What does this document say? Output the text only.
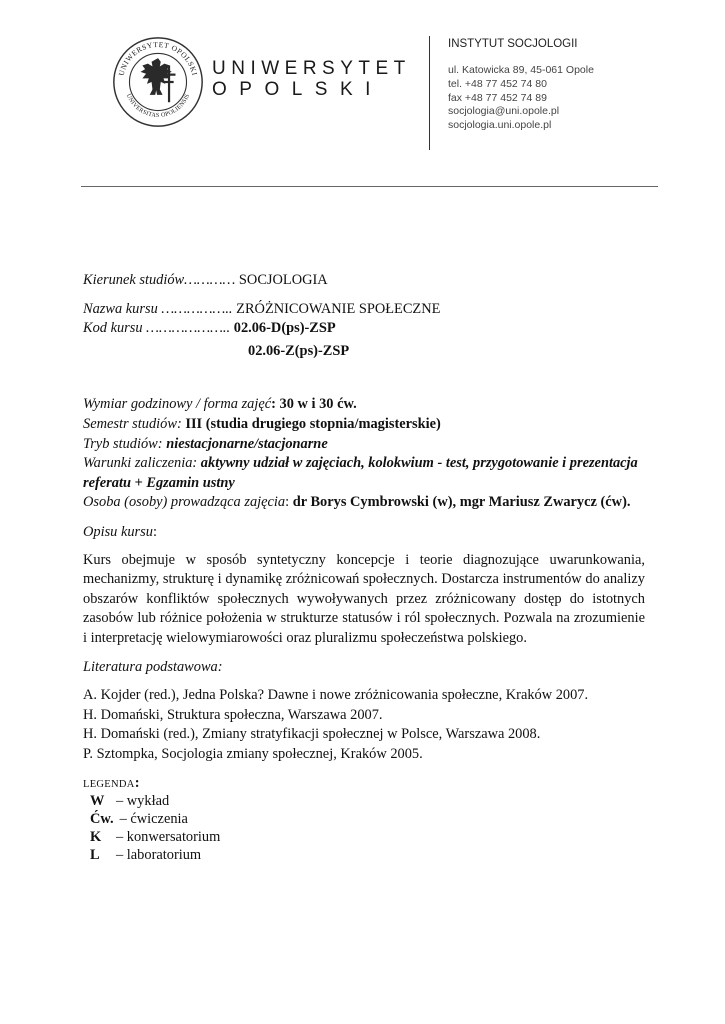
UNIWERSYTET OPOLSKI
UNIVERSITAS OPOLIENSIS
UNIWERSYTET
OPOLSKI
INSTYTUT SOCJOLOGII
ul. Katowicka 89, 45-061 Opole
tel. +48 77 452 74 80
fax +48 77 452 74 89
socjologia@uni.opole.pl
socjologia.uni.opole.pl
Kierunek studiów………… SOCJOLOGIA
Nazwa kursu …………….. ZRÓŻNICOWANIE SPOŁECZNE
Kod kursu ……………….. 02.06-D(ps)-ZSP
02.06-Z(ps)-ZSP
Wymiar godzinowy / forma zajęć: 30 w i 30 ćw.
Semestr studiów: III (studia drugiego stopnia/magisterskie)
Tryb studiów: niestacjonarne/stacjonarne
Warunki zaliczenia: aktywny udział w zajęciach, kolokwium - test, przygotowanie i prezentacja
referatu + Egzamin ustny
Osoba (osoby) prowadząca zajęcia: dr Borys Cymbrowski (w), mgr Mariusz Zwarycz (ćw).
Opisu kursu:
Kurs obejmuje w sposób syntetyczny koncepcje i teorie diagnozujące uwarunkowania, mechanizmy, strukturę i dynamikę zróżnicowań społecznych. Dostarcza instrumentów do analizy obszarów konfliktów społecznych wywoływanych przez zróżnicowany dostęp do istotnych zasobów lub różnice położenia w strukturze statusów i ról społecznych. Pozwala na zrozumienie i interpretację wielowymiarowości oraz pluralizmu społeczeństwa polskiego.
Literatura podstawowa:
A. Kojder (red.), Jedna Polska? Dawne i nowe zróżnicowania społeczne, Kraków 2007.
H. Domański, Struktura społeczna, Warszawa 2007.
H. Domański (red.), Zmiany stratyfikacji społecznej w Polsce, Warszawa 2008.
P. Sztompka, Socjologia zmiany społecznej, Kraków 2005.
LEGENDA:
W – wykład
Ćw. – ćwiczenia
K – konwersatorium
L – laboratorium
